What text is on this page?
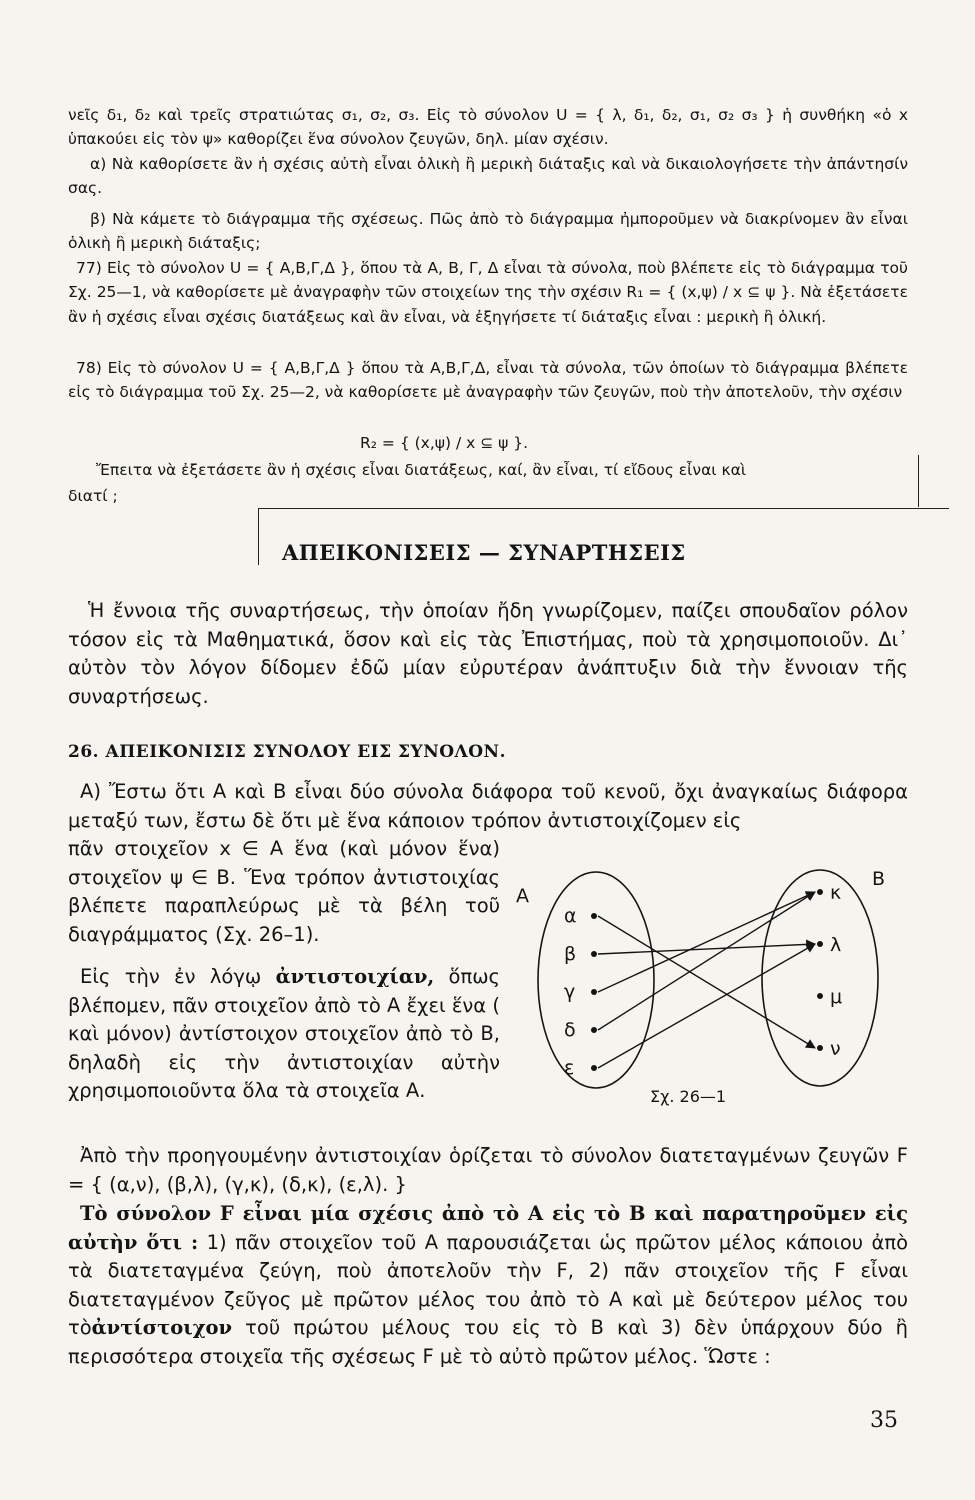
νεῖς δ₁, δ₂ καὶ τρεῖς στρατιώτας σ₁, σ₂, σ₃. Εἰς τὸ σύνολον U = { λ, δ₁, δ₂, σ₁, σ₂ σ₃ } ἡ συνθήκη «ὁ x ὑπακούει εἰς τὸν ψ» καθορίζει ἕνα σύνολον ζευγῶν, δηλ. μίαν σχέσιν.

α) Νὰ καθορίσετε ἂν ἡ σχέσις αὐτὴ εἶναι ὁλικὴ ἢ μερικὴ διάταξις καὶ νὰ δικαιολογήσετε τὴν ἀπάντησίν σας.

β) Νὰ κάμετε τὸ διάγραμμα τῆς σχέσεως. Πῶς ἀπὸ τὸ διάγραμμα ἠμποροῦμεν νὰ διακρίνομεν ἂν εἶναι ὁλικὴ ἢ μερικὴ διάταξις;

77) Εἰς τὸ σύνολον U = { Α,Β,Γ,Δ }, ὅπου τὰ Α, Β, Γ, Δ εἶναι τὰ σύνολα, ποὺ βλέπετε εἰς τὸ διάγραμμα τοῦ Σχ. 25—1, νὰ καθορίσετε μὲ ἀναγραφὴν τῶν στοιχείων της τὴν σχέσιν R₁ = { (x,ψ) / x ⊆ ψ }. Νὰ ἐξετάσετε ἂν ἡ σχέσις εἶναι σχέσις διατάξεως καὶ ἂν εἶναι, νὰ ἐξηγήσετε τί διάταξις εἶναι : μερικὴ ἢ ὁλική.

78) Εἰς τὸ σύνολον U = { Α,Β,Γ,Δ } ὅπου τὰ Α,Β,Γ,Δ, εἶναι τὰ σύνολα, τῶν ὁποίων τὸ διάγραμμα βλέπετε εἰς τὸ διάγραμμα τοῦ Σχ. 25—2, νὰ καθορίσετε μὲ ἀναγραφὴν τῶν ζευγῶν, ποὺ τὴν ἀποτελοῦν, τὴν σχέσιν

R₂ = { (x,ψ) / x ⊆ ψ }.

Ἔπειτα νὰ ἐξετάσετε ἂν ἡ σχέσις εἶναι διατάξεως, καί, ἂν εἶναι, τί εἴδους εἶναι καὶ

διατί ;

ΑΠΕΙΚΟΝΙΣΕΙΣ — ΣΥΝΑΡΤΗΣΕΙΣ

Ἡ ἔννοια τῆς συναρτήσεως, τὴν ὁποίαν ἤδη γνωρίζομεν, παίζει σπουδαῖον ρόλον τόσον εἰς τὰ Μαθηματικά, ὅσον καὶ εἰς τὰς Ἐπιστήμας, ποὺ τὰ χρησιμοποιοῦν. Δι᾿ αὐτὸν τὸν λόγον δίδομεν ἐδῶ μίαν εὐρυτέραν ἀνάπτυξιν διὰ τὴν ἔννοιαν τῆς συναρτήσεως.

26. ΑΠΕΙΚΟΝΙΣΙΣ ΣΥΝΟΛΟΥ ΕΙΣ ΣΥΝΟΛΟΝ.

Α) Ἔστω ὅτι Α καὶ Β εἶναι δύο σύνολα διάφορα τοῦ κενοῦ, ὄχι ἀναγκαίως διάφορα μεταξύ των, ἔστω δὲ ὅτι μὲ ἕνα κάποιον τρόπον ἀντιστοιχίζομεν εἰς

πᾶν στοιχεῖον x ∈ Α ἕνα (καὶ μόνον ἕνα) στοιχεῖον ψ ∈ Β. Ἕνα τρόπον ἀντιστοιχίας βλέπετε παραπλεύρως μὲ τὰ βέλη τοῦ διαγράμματος (Σχ. 26–1).

Εἰς τὴν ἐν λόγῳ ἀντιστοιχίαν, ὅπως βλέπομεν, πᾶν στοιχεῖον ἀπὸ τὸ Α ἔχει ἕνα ( καὶ μόνον) ἀντίστοιχον στοιχεῖον ἀπὸ τὸ Β, δηλαδὴ εἰς τὴν ἀντιστοιχίαν αὐτὴν χρησιμοποιοῦντα ὅλα τὰ στοιχεῖα Α.

Ἀπὸ τὴν προηγουμένην ἀντιστοιχίαν ὁρίζεται τὸ σύνολον διατεταγμένων ζευγῶν F = { (α,ν), (β,λ), (γ,κ), (δ,κ), (ε,λ). }

Τὸ σύνολον F εἶναι μία σχέσις ἀπὸ τὸ Α εἰς τὸ Β καὶ παρατηροῦμεν εἰς αὐτὴν ὅτι : 1) πᾶν στοιχεῖον τοῦ Α παρουσιάζεται ὡς πρῶτον μέλος κάποιου ἀπὸ τὰ διατεταγμένα ζεύγη, ποὺ ἀποτελοῦν τὴν F, 2) πᾶν στοιχεῖον τῆς F εἶναι διατεταγμένον ζεῦγος μὲ πρῶτον μέλος του ἀπὸ τὸ Α καὶ μὲ δεύτερον μέλος του τὸἀντίστοιχον τοῦ πρώτου μέλους του εἰς τὸ Β καὶ 3) δὲν ὑπάρχουν δύο ἢ περισσότερα στοιχεῖα τῆς σχέσεως F μὲ τὸ αὐτὸ πρῶτον μέλος. Ὥστε :

Α
Β
α
β
γ
δ
ε
κ
λ
μ
ν
Σχ. 26—1
35
